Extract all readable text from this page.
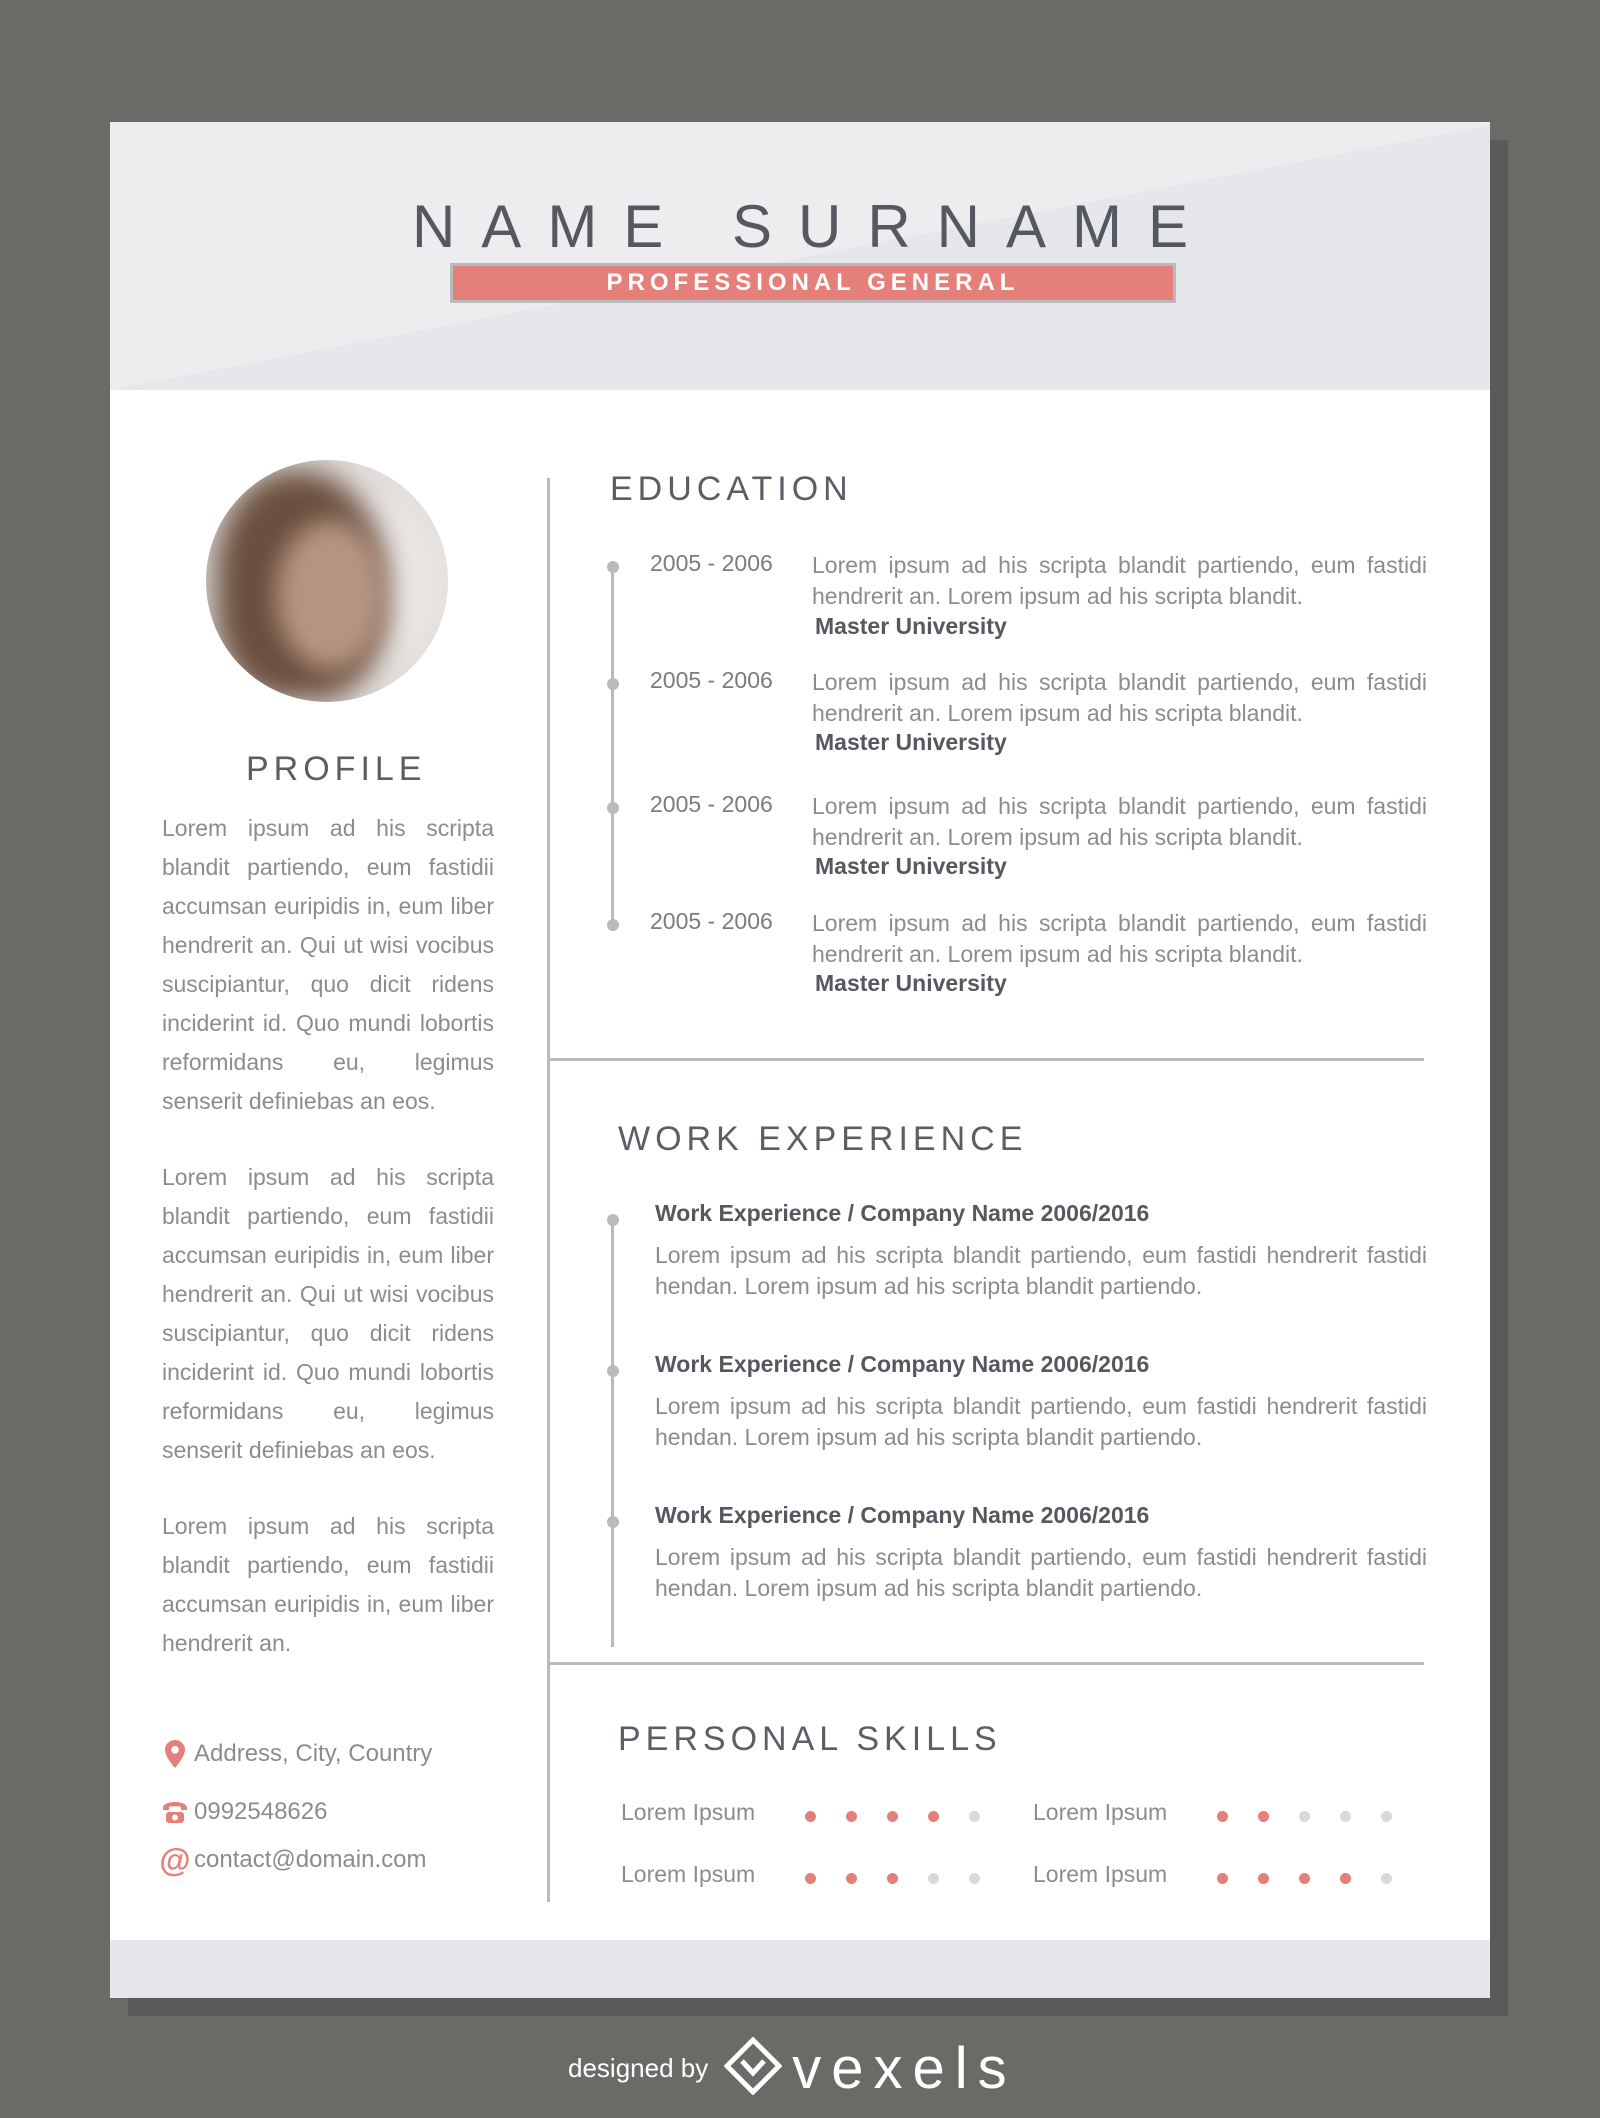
NAME SURNAME
PROFESSIONAL GENERAL
PROFILE

Lorem ipsum ad his scripta blandit partiendo, eum fastidii accumsan euripidis in, eum liber hendrerit an. Qui ut wisi vocibus suscipiantur, quo dicit ridens inciderint id. Quo mundi lobortis reformidans eu, legimus senserit definiebas an eos.

Lorem ipsum ad his scripta blandit partiendo, eum fastidii accumsan euripidis in, eum liber hendrerit an. Qui ut wisi vocibus suscipiantur, quo dicit ridens inciderint id. Quo mundi lobortis reformidans eu, legimus senserit definiebas an eos.

Lorem ipsum ad his scripta blandit partiendo, eum fastidii accumsan euripidis in, eum liber hendrerit an.

Address, City, Country
0992548626
@ contact@domain.com
EDUCATION
2005 - 2006 Lorem ipsum ad his scripta blandit partiendo, eum fastidi hendrerit an. Lorem ipsum ad his scripta blandit.

Master University
2005 - 2006 Lorem ipsum ad his scripta blandit partiendo, eum fastidi hendrerit an. Lorem ipsum ad his scripta blandit.

Master University
2005 - 2006 Lorem ipsum ad his scripta blandit partiendo, eum fastidi hendrerit an. Lorem ipsum ad his scripta blandit.

Master University
2005 - 2006 Lorem ipsum ad his scripta blandit partiendo, eum fastidi hendrerit an. Lorem ipsum ad his scripta blandit.

Master University
WORK EXPERIENCE
Work Experience / Company Name 2006/2016

Lorem ipsum ad his scripta blandit partiendo, eum fastidi hendrerit fastidi hendan. Lorem ipsum ad his scripta blandit partiendo.

Work Experience / Company Name 2006/2016

Lorem ipsum ad his scripta blandit partiendo, eum fastidi hendrerit fastidi hendan. Lorem ipsum ad his scripta blandit partiendo.

Work Experience / Company Name 2006/2016

Lorem ipsum ad his scripta blandit partiendo, eum fastidi hendrerit fastidi hendan. Lorem ipsum ad his scripta blandit partiendo.

PERSONAL SKILLS
Lorem Ipsum	Lorem Ipsum
Lorem Ipsum	Lorem Ipsum
designed by vexels
